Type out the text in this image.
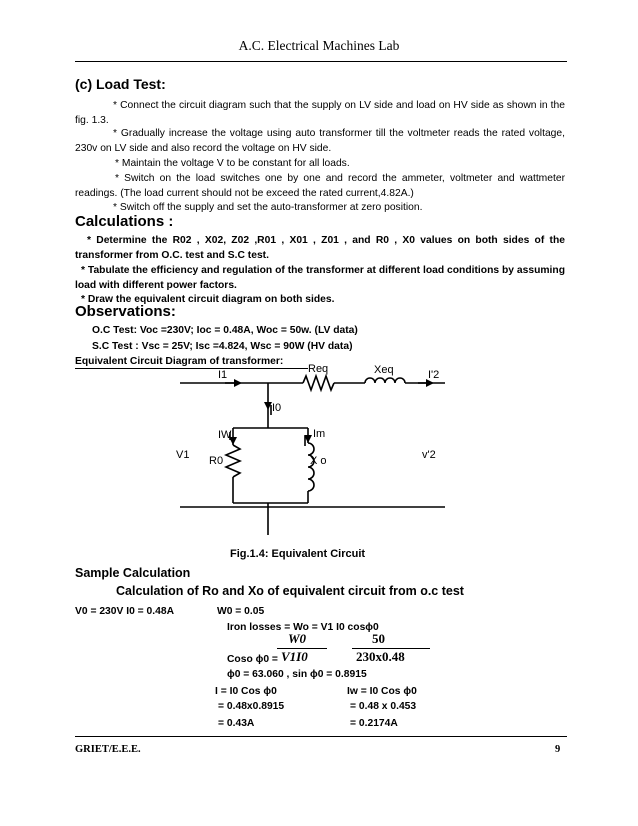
A.C. Electrical Machines Lab
(c) Load Test:
* Connect the circuit diagram such that the supply on LV side and load on HV side as shown in the fig. 1.3.
* Gradually increase the voltage using auto transformer till the voltmeter reads the rated voltage, 230v on LV side and also record the voltage on HV side.
* Maintain the voltage V to be constant for all loads.
* Switch on the load switches one by one and record the ammeter, voltmeter and wattmeter readings. (The load current should not be exceed the rated current,4.82A.)
* Switch off the supply and set the auto-transformer at zero position.
Calculations :
* Determine the R02 , X02, Z02 ,R01 , X01 , Z01 , and R0 , X0 values on both sides of the transformer from O.C. test and S.C test.
* Tabulate the efficiency and regulation of the transformer at different load conditions by assuming load with different power factors.
* Draw the equivalent circuit diagram on both sides.
Observations:
O.C Test: Voc =230V; Ioc = 0.48A, Woc = 50w. (LV data)
S.C Test : Vsc = 25V; Isc =4.824, Wsc = 90W (HV data)
Equivalent Circuit Diagram of transformer:
I1	Req	Xeq	I'2
I0
IW	Im
V1 R0	X o	v'2
Fig.1.4: Equivalent Circuit
Sample Calculation
Calculation of Ro and Xo of equivalent circuit from o.c test
V0 = 230V I0 = 0.48A	W0 = 0.05
Iron losses = Wo = V1 I0 cosϕ0
W0	50
Coso ϕ0 = V1I0	230x0.48
ϕ0 = 63.060 , sin ϕ0 = 0.8915
I = I0 Cos ϕ0	Iw = I0 Cos ϕ0
= 0.48x0.8915	= 0.48 x 0.453
= 0.43A	= 0.2174A
GRIET/E.E.E.	9
